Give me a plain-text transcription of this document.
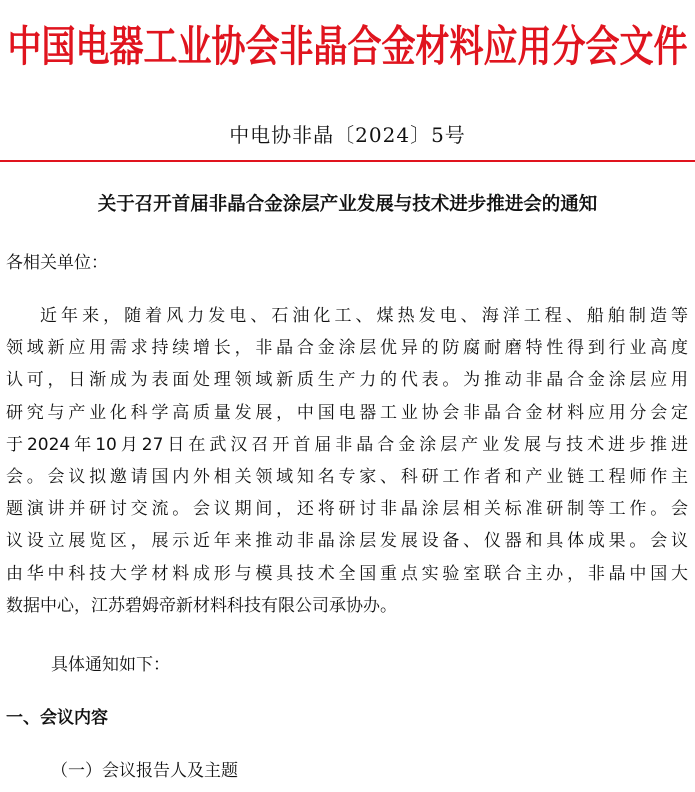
中国电器工业协会非晶合金材料应用分会文件
中电协非晶〔2024〕5号
关于召开首届非晶合金涂层产业发展与技术进步推进会的通知
各相关单位：
近年来，随着风力发电、石油化工、煤热发电、海洋工程、船舶制造等
领域新应用需求持续增长，非晶合金涂层优异的防腐耐磨特性得到行业高度
认可，日渐成为表面处理领域新质生产力的代表。为推动非晶合金涂层应用
研究与产业化科学高质量发展，中国电器工业协会非晶合金材料应用分会定
于2024年10月27日在武汉召开首届非晶合金涂层产业发展与技术进步推进
会。会议拟邀请国内外相关领域知名专家、科研工作者和产业链工程师作主
题演讲并研讨交流。会议期间，还将研讨非晶涂层相关标准研制等工作。会
议设立展览区，展示近年来推动非晶涂层发展设备、仪器和具体成果。会议
由华中科技大学材料成形与模具技术全国重点实验室联合主办，非晶中国大
数据中心，江苏碧姆帝新材料科技有限公司承协办。
具体通知如下：
一、会议内容
（一）会议报告人及主题
